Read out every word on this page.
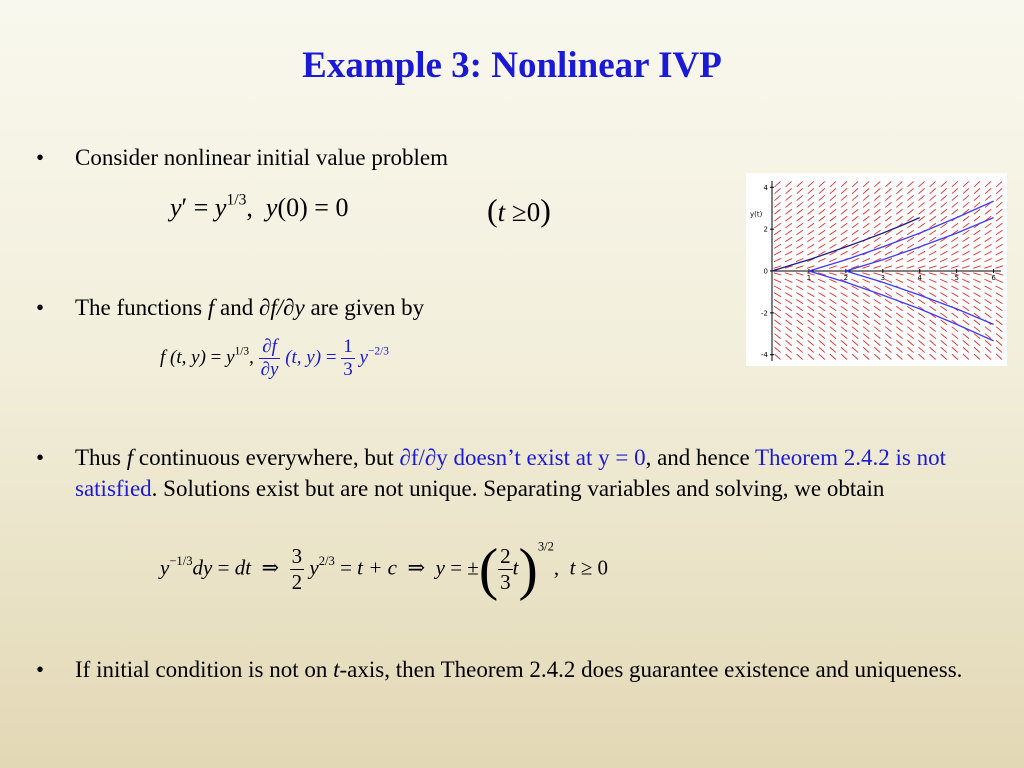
Example 3: Nonlinear IVP
• Consider nonlinear initial value problem
$y' = y^{1/3}$, y(0) = 0	(t ≥0)
• The functions f and ∂f/∂y are given by
f (t, $y) = y^{1/3}$, $\frac{\partial f}{\partial y} (t$, $y) = \frac{1}{3} y^{-2/3}$
• Thus f continuous everywhere, but ∂f/∂y doesn’t exist at y = 0, and hence Theorem 2.4.2 is not satisfied. Solutions exist but are not unique. Separating variables and solving, we obtain
$y^{-1/3}dy$ = dt ⇒ $\frac{3}{2} y^{2/3} = t + c$ ⇒ y = ±( $\frac{2}{3} t)^{3/2}$, t ≥ 0
• If initial condition is not on t-axis, then Theorem 2.4.2 does guarantee existence and uniqueness.
1	2	3	4	5	6
4
2
0
-2
-4
y(t)
